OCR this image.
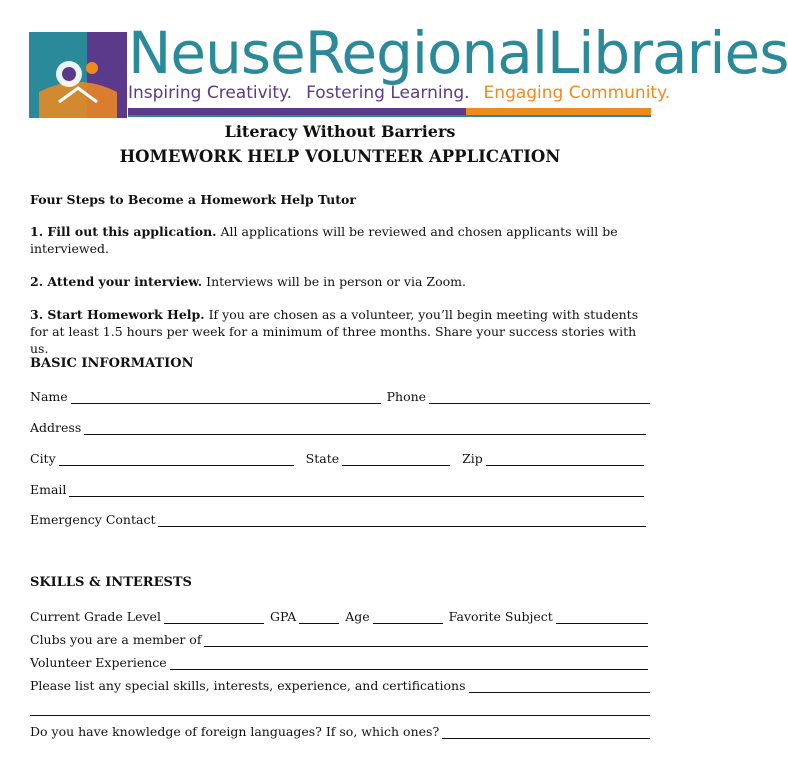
NeuseRegionalLibraries
Inspiring Creativity. Fostering Learning. Engaging Community.
Literacy Without Barriers
HOMEWORK HELP VOLUNTEER APPLICATION
Four Steps to Become a Homework Help Tutor
1. Fill out this application. All applications will be reviewed and chosen applicants will be interviewed.
2. Attend your interview. Interviews will be in person or via Zoom.
3. Start Homework Help. If you are chosen as a volunteer, you’ll begin meeting with students for at least 1.5 hours per week for a minimum of three months. Share your success stories with us.
BASIC INFORMATION
Name	Phone
Address
City	State	Zip
Email
Emergency Contact
SKILLS & INTERESTS
Current Grade Level	GPA	Age	Favorite Subject
Clubs you are a member of
Volunteer Experience
Please list any special skills, interests, experience, and certifications
Do you have knowledge of foreign languages? If so, which ones?
